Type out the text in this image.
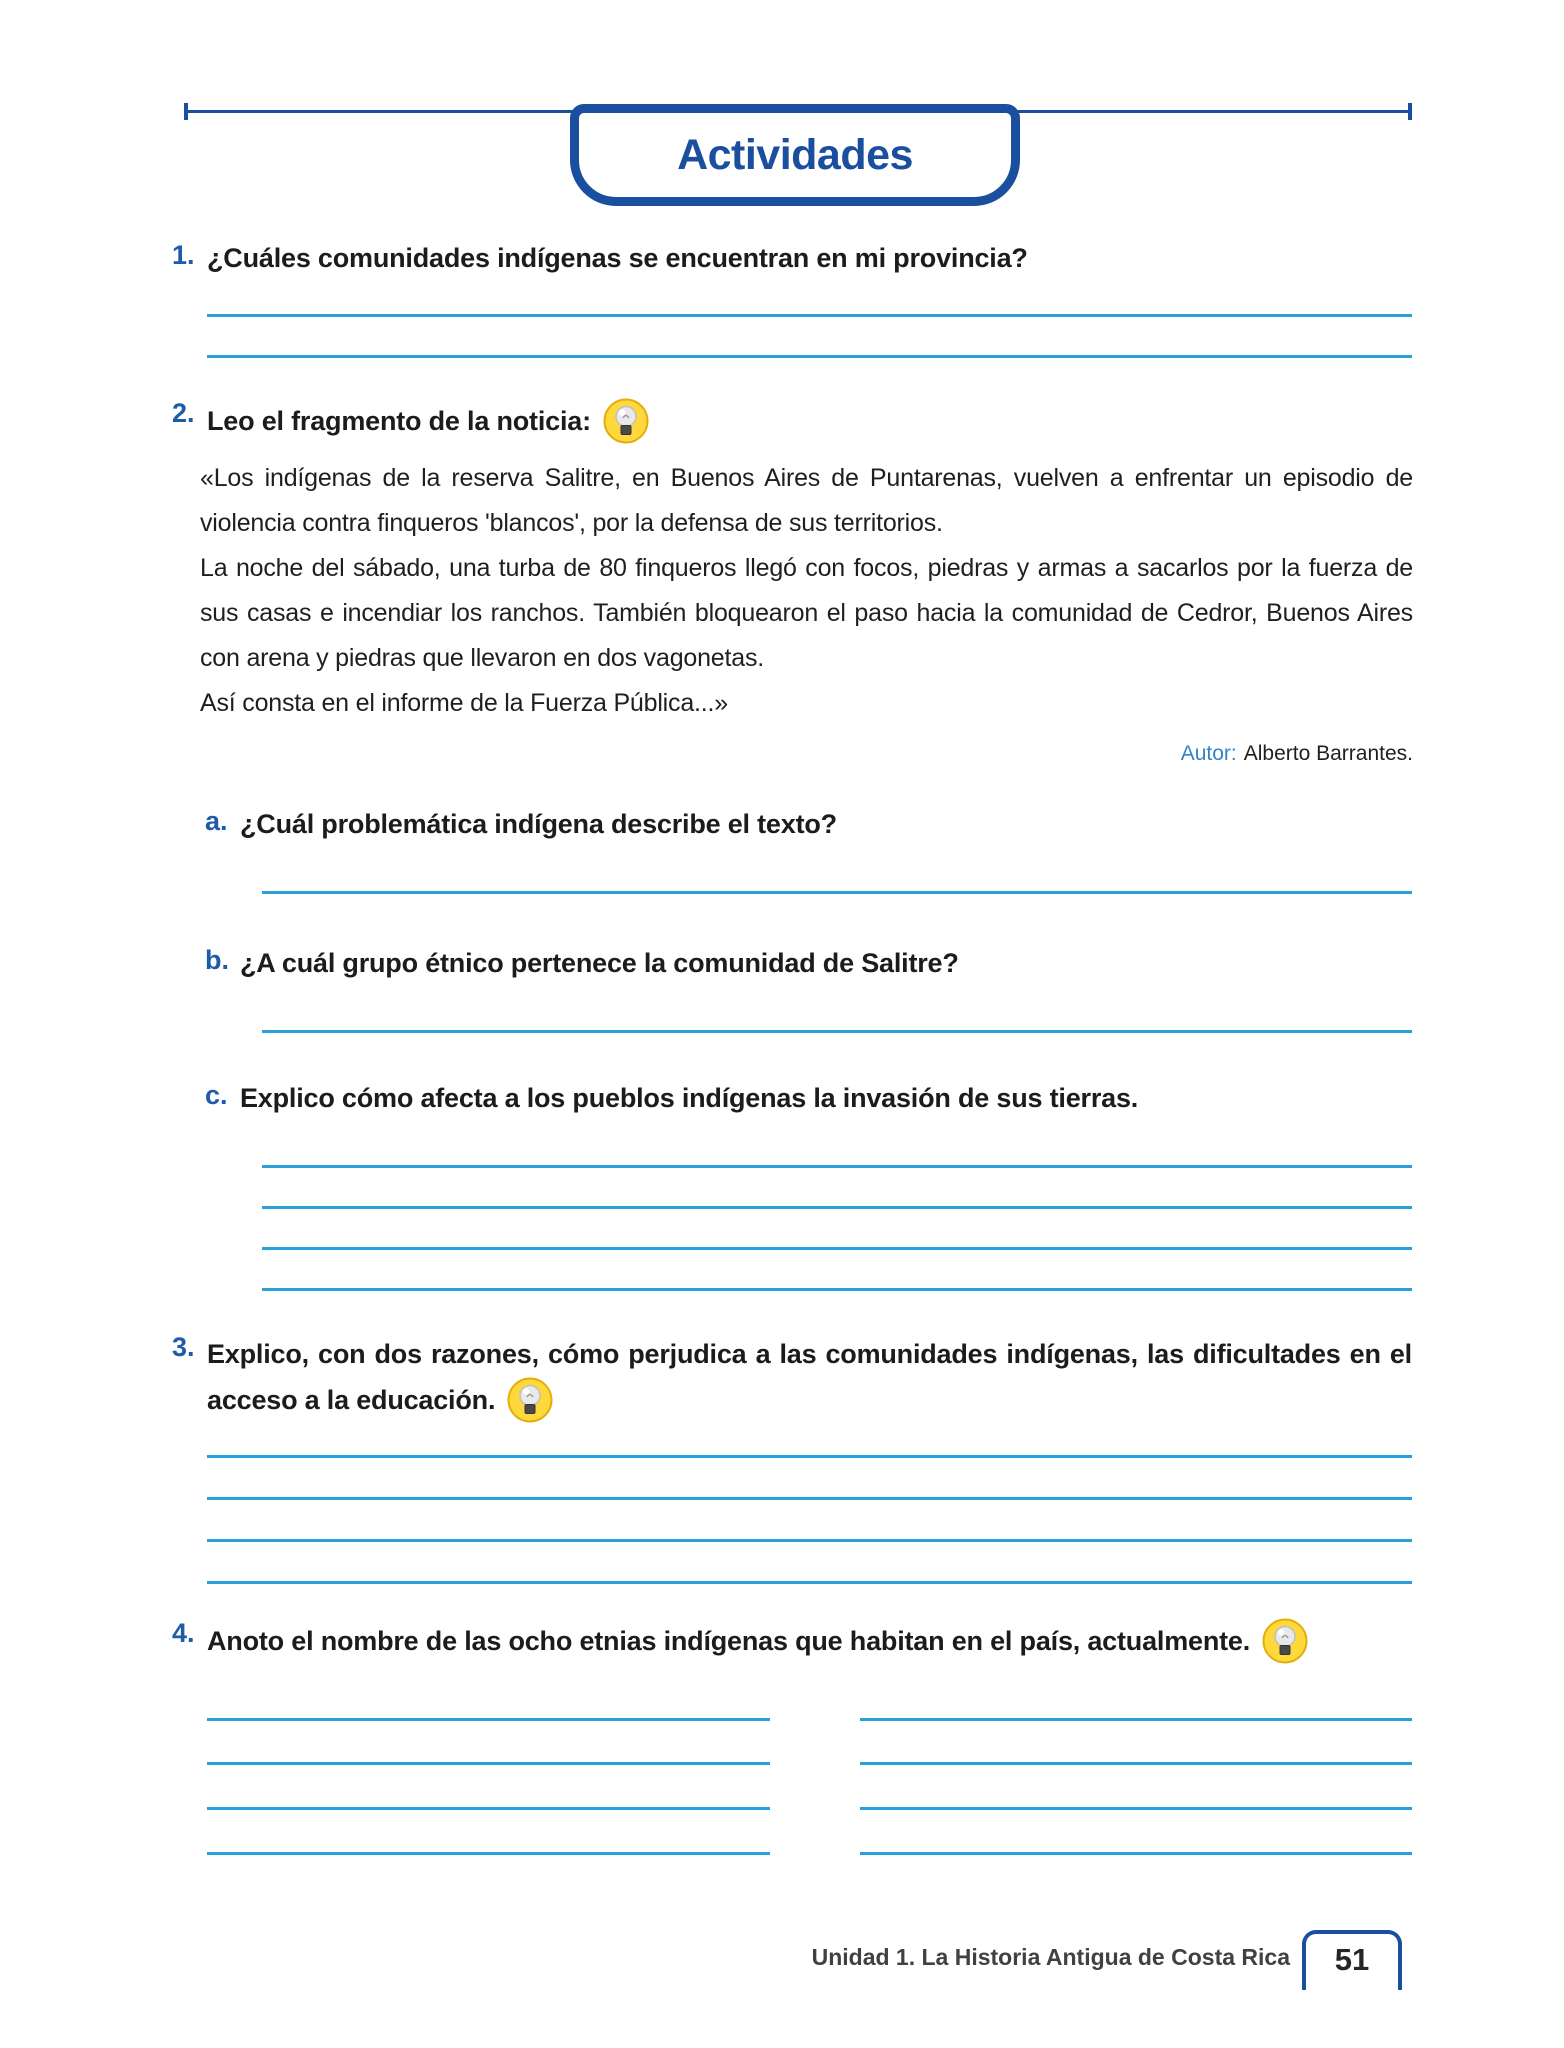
Actividades
1. ¿Cuáles comunidades indígenas se encuentran en mi provincia?
2. Leo el fragmento de la noticia:

«Los indígenas de la reserva Salitre, en Buenos Aires de Puntarenas, vuelven a enfrentar un episodio de violencia contra finqueros 'blancos', por la defensa de sus territorios.

La noche del sábado, una turba de 80 finqueros llegó con focos, piedras y armas a sacarlos por la fuerza de sus casas e incendiar los ranchos. También bloquearon el paso hacia la comunidad de Cedror, Buenos Aires con arena y piedras que llevaron en dos vagonetas.

Así consta en el informe de la Fuerza Pública...»

Autor: Alberto Barrantes.
a. ¿Cuál problemática indígena describe el texto?
b. ¿A cuál grupo étnico pertenece la comunidad de Salitre?
c. Explico cómo afecta a los pueblos indígenas la invasión de sus tierras.
3. Explico, con dos razones, cómo perjudica a las comunidades indígenas, las dificultades en el acceso a la educación.
4. Anoto el nombre de las ocho etnias indígenas que habitan en el país, actualmente.
Unidad 1. La Historia Antigua de Costa Rica 51
